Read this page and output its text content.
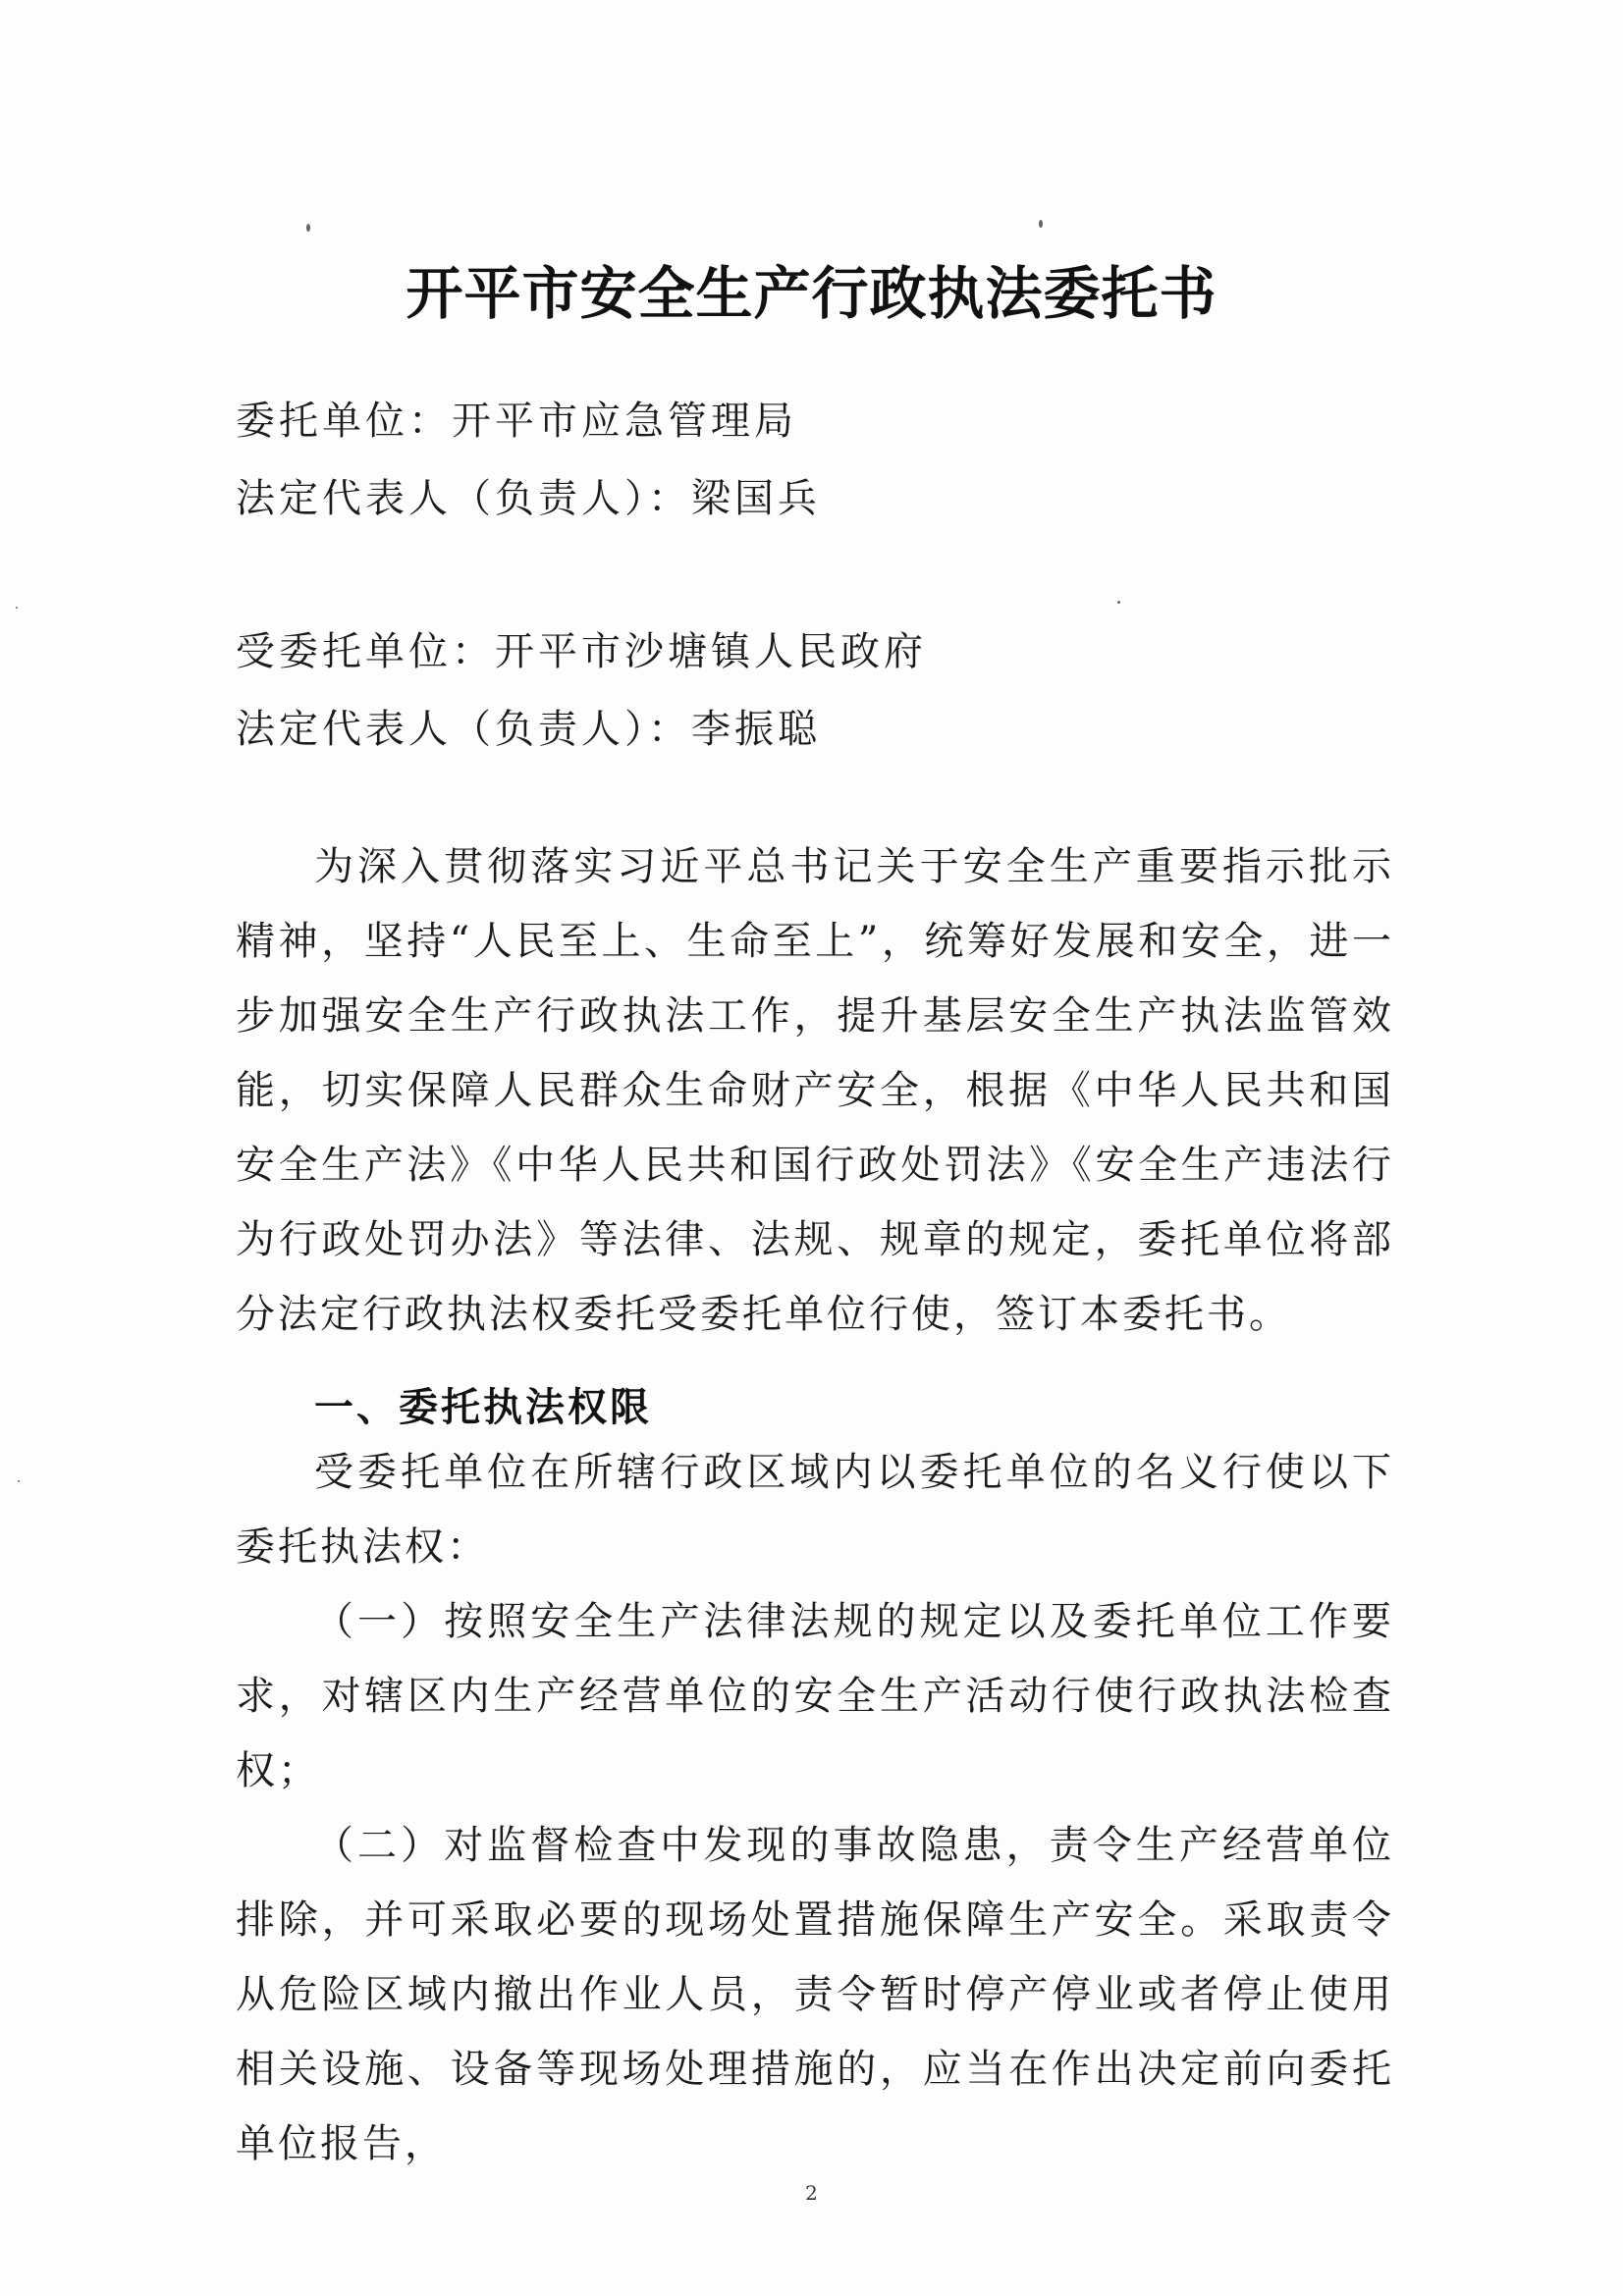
开平市安全生产行政执法委托书
委托单位：开平市应急管理局
法定代表人（负责人）：梁国兵
受委托单位：开平市沙塘镇人民政府
法定代表人（负责人）：李振聪

为深入贯彻落实习近平总书记关于安全生产重要指示批示精神，坚持“人民至上、生命至上”，统筹好发展和安全，进一步加强安全生产行政执法工作，提升基层安全生产执法监管效能，切实保障人民群众生命财产安全，根据《中华人民共和国安全生产法》《中华人民共和国行政处罚法》《安全生产违法行为行政处罚办法》等法律、法规、规章的规定，委托单位将部分法定行政执法权委托受委托单位行使，签订本委托书。

一、委托执法权限

受委托单位在所辖行政区域内以委托单位的名义行使以下委托执法权：

（一）按照安全生产法律法规的规定以及委托单位工作要求，对辖区内生产经营单位的安全生产活动行使行政执法检查权；

（二）对监督检查中发现的事故隐患，责令生产经营单位排除，并可采取必要的现场处置措施保障生产安全。采取责令从危险区域内撤出作业人员，责令暂时停产停业或者停止使用相关设施、设备等现场处理措施的，应当在作出决定前向委托单位报告，

2
